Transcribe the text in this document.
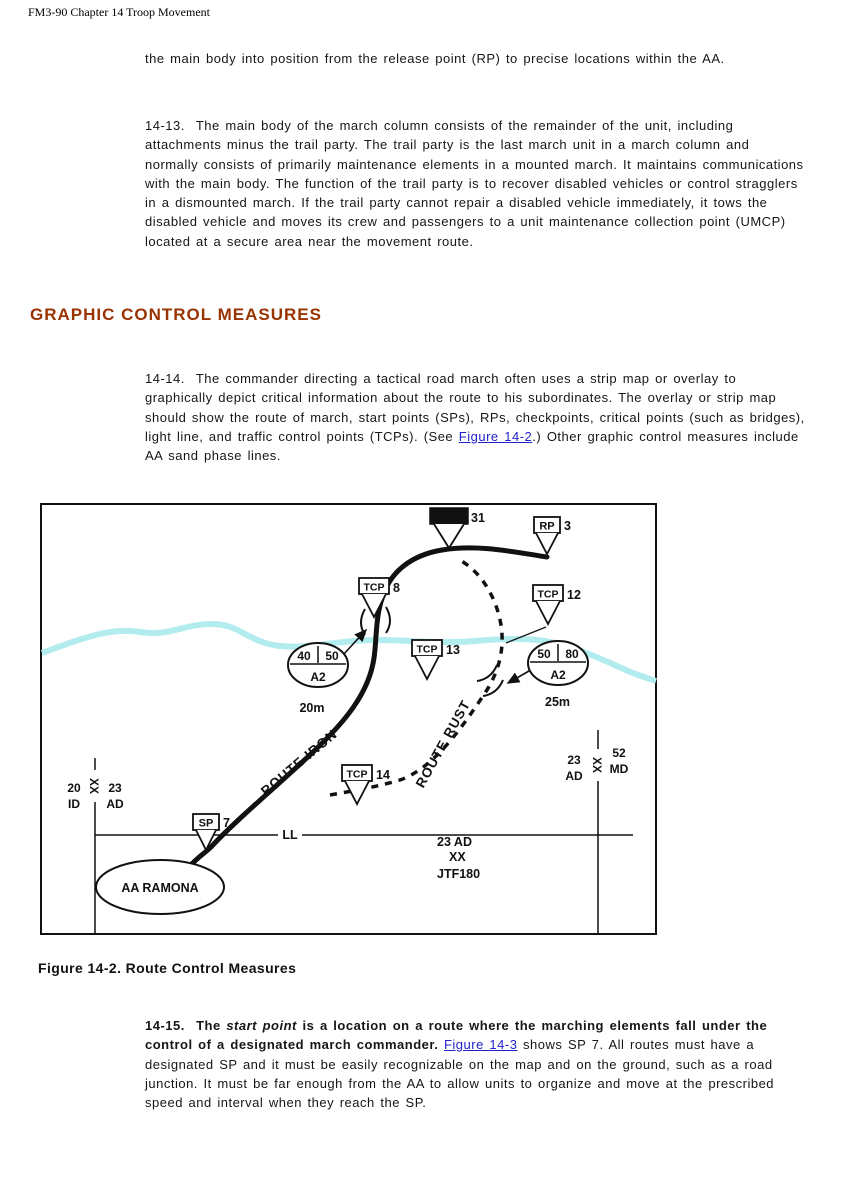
FM3-90 Chapter 14 Troop Movement

the main body into position from the release point (RP) to precise locations within the AA.

14-13.  The main body of the march column consists of the remainder of the unit, including attachments minus the trail party. The trail party is the last march unit in a march column and normally consists of primarily maintenance elements in a mounted march. It maintains communications with the main body. The function of the trail party is to recover disabled vehicles or control stragglers in a dismounted march. If the trail party cannot repair a disabled vehicle immediately, it tows the disabled vehicle and moves its crew and passengers to a unit maintenance collection point (UMCP) located at a secure area near the movement route.

GRAPHIC CONTROL MEASURES

14-14.  The commander directing a tactical road march often uses a strip map or overlay to graphically depict critical information about the route to his subordinates. The overlay or strip map should show the route of march, start points (SPs), RPs, checkpoints, critical points (such as bridges), light line, and traffic control points (TCPs). (See Figure 14-2.) Other graphic control measures include AA sand phase lines.

ROUTE IRON	ROUTE RUST
UMCP 31
RP 3
TCP 8	TCP 12
TCP 13
TCP 14
SP 7
40 50
A2
20m
50 80
A2
25m
XX
20 23
ID AD
XX
23	52
AD MD
LL	23 AD
XX
JTF180
AA RAMONA
Figure 14-2. Route Control Measures

14-15.  The start point is a location on a route where the marching elements fall under the control of a designated march commander. Figure 14-3 shows SP 7. All routes must have a designated SP and it must be easily recognizable on the map and on the ground, such as a road junction. It must be far enough from the AA to allow units to organize and move at the prescribed speed and interval when they reach the SP.
